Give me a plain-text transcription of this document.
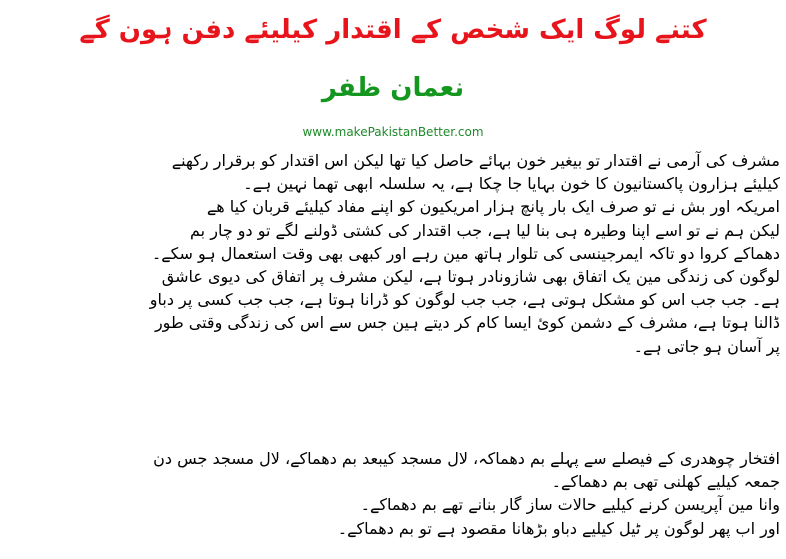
کتنے لوگ ایک شخص کے اقتدار کیلیئے دفن ہون گے
نعمان ظفر
www.makePakistanBetter.com
مشرف کی آرمی نے اقتدار تو بیغیر خون بہائے حاصل کیا تھا لیکن اس اقتدار کو برقرار رکھنے
کیلیئے ہزارون پاکستانیون کا خون بہایا جا چکا ہے، یہ سلسلہ ابھی تھما نہین ہے۔
امریکہ اور بش نے تو صرف ایک بار پانچ ہزار امریکیون کو اپنے مفاد کیلیئے قربان کیا ھے
لیکن ہم نے تو اسے اپنا وطیرہ ہی بنا لیا ہے، جب اقتدار کی کشتی ڈولنے لگے تو دو چار بم
دھماکے کروا دو تاکہ ایمرجینسی کی تلوار ہاتھ مین رہے اور کبھی بھی وقت استعمال ہو سکے۔
لوگون کی زندگی مین یک اتفاق بھی شازونادر ہوتا ہے، لیکن مشرف پر اتفاق کی دیوی عاشق
ہے۔ جب جب اس کو مشکل ہوتی ہے، جب جب لوگون کو ڈرانا ہوتا ہے، جب جب کسی پر دباو
ڈالنا ہوتا ہے، مشرف کے دشمن کوئ ایسا کام کر دیتے ہین جس سے اس کی زندگی وقتی طور
پر آسان ہو جاتی ہے۔
افتخار چوھدری کے فیصلے سے پہلے بم دھماکہ، لال مسجد کیبعد بم دھماکے، لال مسجد جس دن
جمعہ کیلیے کھلنی تھی بم دھماکے۔
وانا مین آپریسن کرنے کیلیے حالات ساز گار بنانے تھے بم دھماکے۔
اور اب پھر لوگون پر ٹیل کیلیے دباو بڑھانا مقصود ہے تو بم دھماکے۔
